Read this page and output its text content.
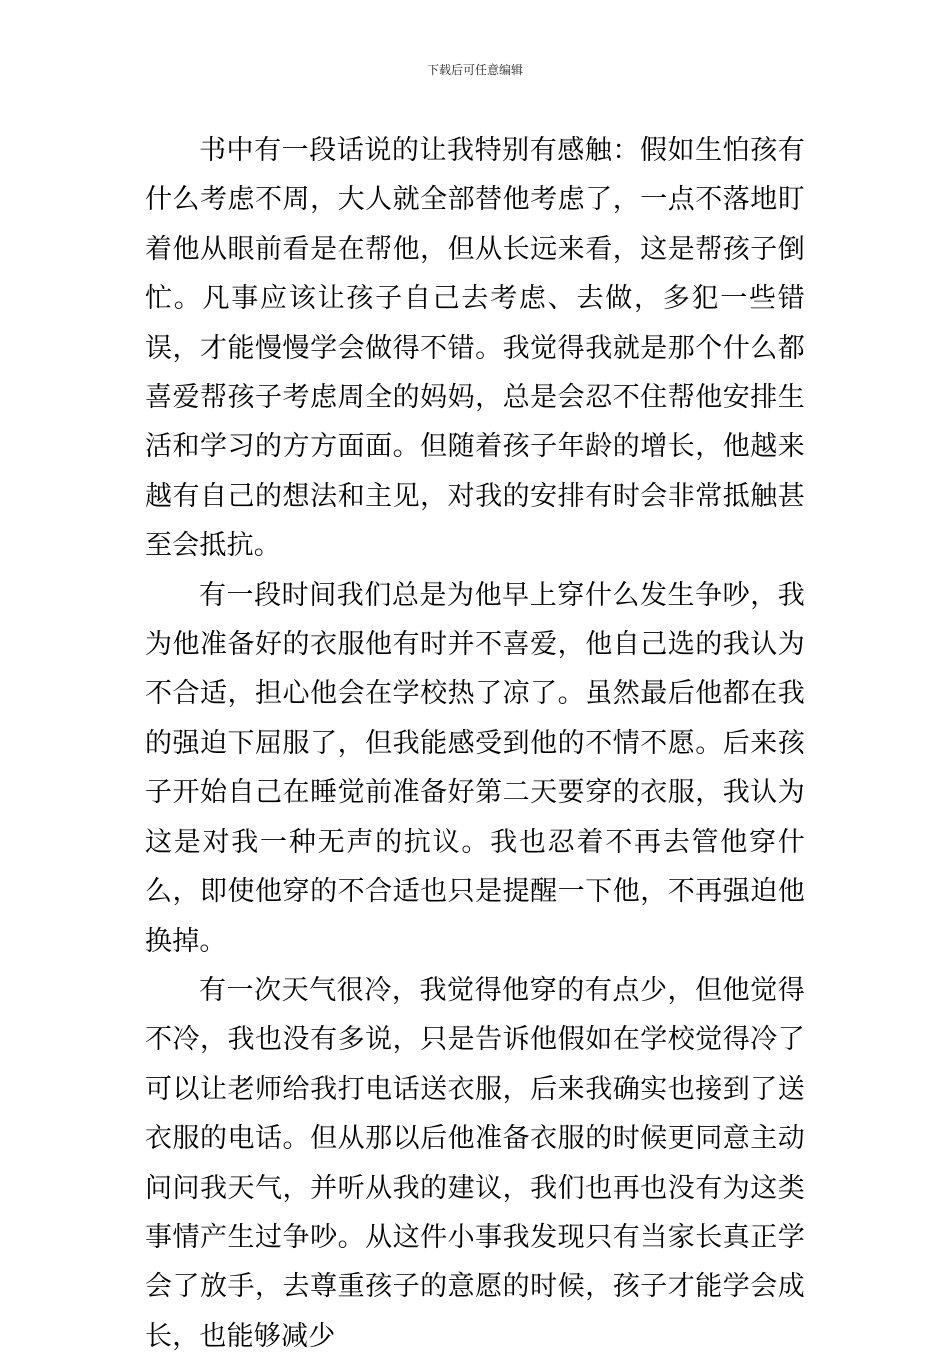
下载后可任意编辑

书中有一段话说的让我特别有感触：假如生怕孩有什么考虑不周，大人就全部替他考虑了，一点不落地盯着他从眼前看是在帮他，但从长远来看，这是帮孩子倒忙。凡事应该让孩子自己去考虑、去做，多犯一些错误，才能慢慢学会做得不错。我觉得我就是那个什么都喜爱帮孩子考虑周全的妈妈，总是会忍不住帮他安排生活和学习的方方面面。但随着孩子年龄的增长，他越来越有自己的想法和主见，对我的安排有时会非常抵触甚至会抵抗。

有一段时间我们总是为他早上穿什么发生争吵，我为他准备好的衣服他有时并不喜爱，他自己选的我认为不合适，担心他会在学校热了凉了。虽然最后他都在我的强迫下屈服了，但我能感受到他的不情不愿。后来孩子开始自己在睡觉前准备好第二天要穿的衣服，我认为这是对我一种无声的抗议。我也忍着不再去管他穿什么，即使他穿的不合适也只是提醒一下他，不再强迫他换掉。

有一次天气很冷，我觉得他穿的有点少，但他觉得不冷，我也没有多说，只是告诉他假如在学校觉得冷了可以让老师给我打电话送衣服，后来我确实也接到了送衣服的电话。但从那以后他准备衣服的时候更同意主动问问我天气，并听从我的建议，我们也再也没有为这类事情产生过争吵。从这件小事我发现只有当家长真正学会了放手，去尊重孩子的意愿的时候，孩子才能学会成长，也能够减少
